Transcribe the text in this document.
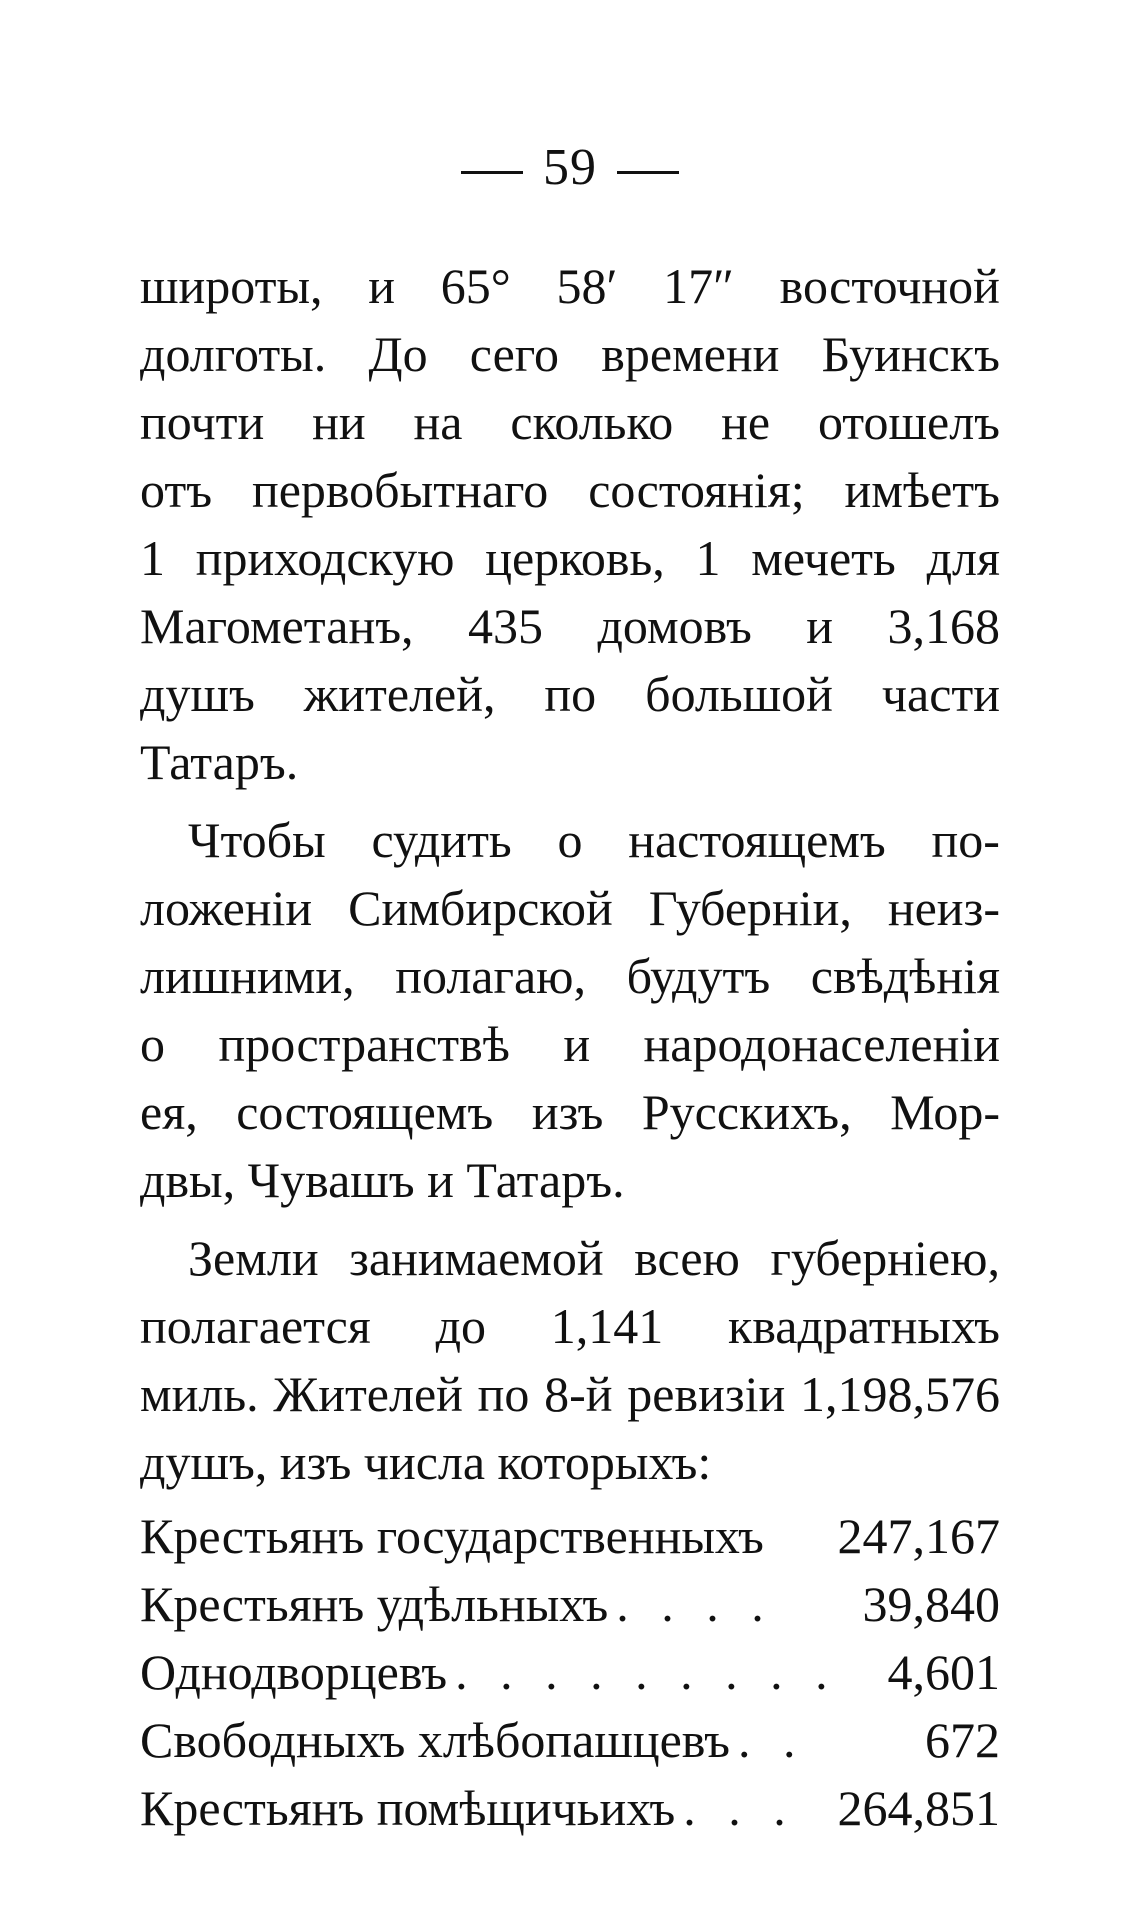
59
широты, и 65° 58′ 17″ восточной
долготы. До сего времени Буинскъ
почти ни на сколько не отошелъ
отъ первобытнаго состоянія; имѣетъ
1 приходскую церковь, 1 мечеть для
Магометанъ, 435 домовъ и 3,168
душъ жителей, по большой части
Татаръ.
Чтобы судить о настоящемъ по-
ложеніи Симбирской Губерніи, неиз-
лишними, полагаю, будутъ свѣдѣнія
о пространствѣ и народонаселеніи
ея, состоящемъ изъ Русскихъ, Мор-
двы, Чувашъ и Татаръ.
Земли занимаемой всею губерніею,
полагается до 1,141 квадратныхъ
миль. Жителей по 8-й ревизіи 1,198,576
душъ, изъ числа которыхъ:
Крестьянъ государственныхъ 247,167
Крестьянъ удѣльныхъ . . . .	39,840
Однодворцевъ . . . . . . . . . 4,601
Свободныхъ хлѣбопашцевъ . .	672
Крестьянъ помѣщичьихъ . . . 264,851
